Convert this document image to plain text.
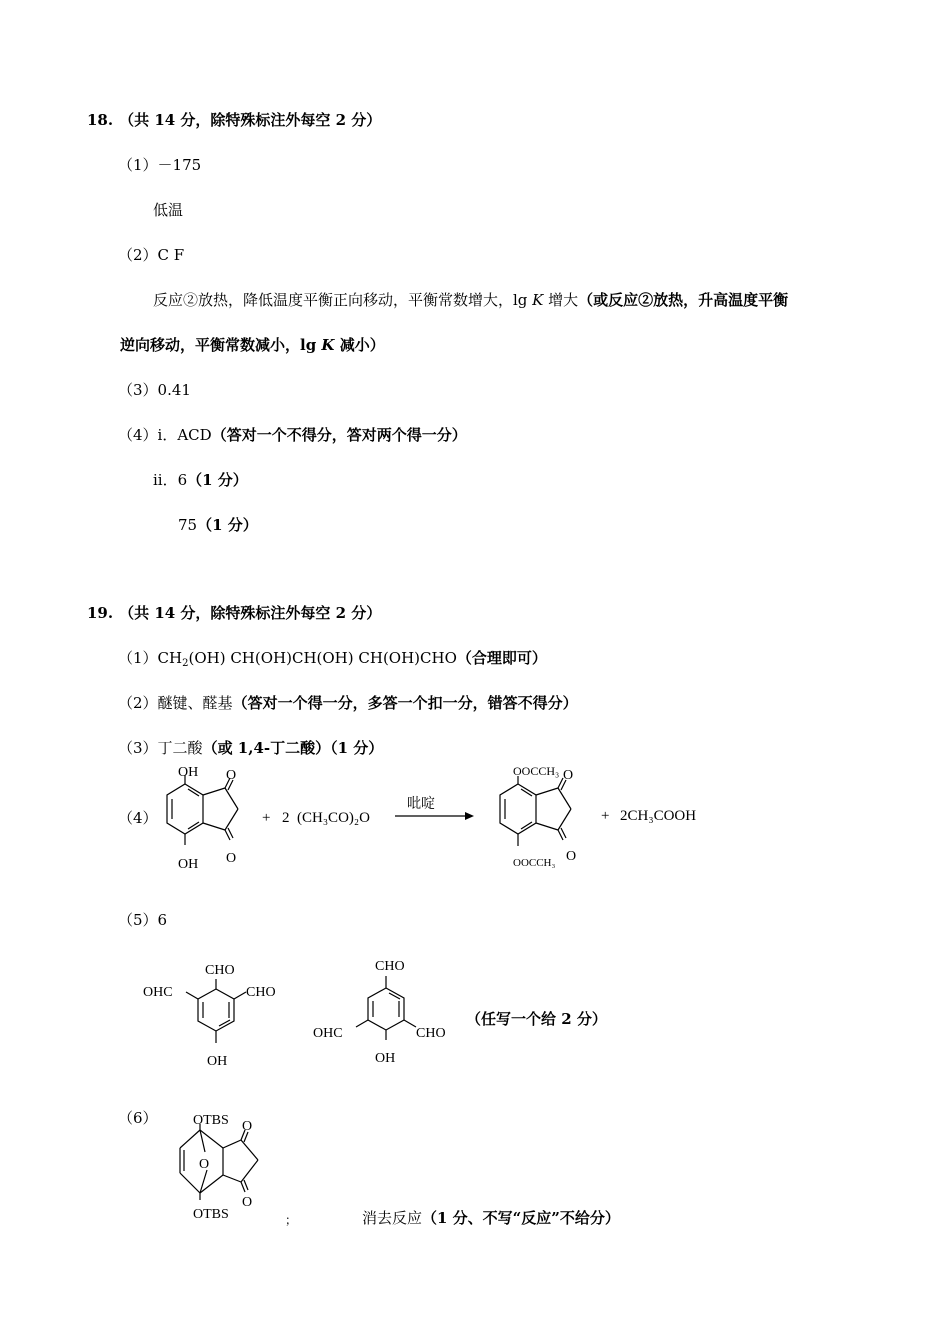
18. （共 14 分，除特殊标注外每空 2 分）
（1）－175
低温
（2）C F
反应②放热，降低温度平衡正向移动，平衡常数增大，lg K 增大（或反应②放热，升高温度平衡
逆向移动，平衡常数减小，lg K 减小）
（3）0.41
（4）i．ACD（答对一个不得分，答对两个得一分）
ii．6（1 分）
75（1 分）
19. （共 14 分，除特殊标注外每空 2 分）
$(1)CH_2(OH)$ CH(OH)CH(OH) CH(OH)CHO（合理即可）
（2）醚键、醛基（答对一个得一分，多答一个扣一分，错答不得分）
（3）丁二酸（或 1,4-丁二酸）（1 分）
（4）
OH
OH
O
O
+ 2 (CH₃CO)₂O
吡啶
OOCCH₃
OOCCH₃
O
O
+ 2CH₃COOH
（5）6
CHO
OHC	CHO
OH
CHO
OHC	CHO
OH
（任写一个给 2 分）
（6）	OTBS
OTBS
O
O
O
；	消去反应（1 分、不写“反应”不给分）
